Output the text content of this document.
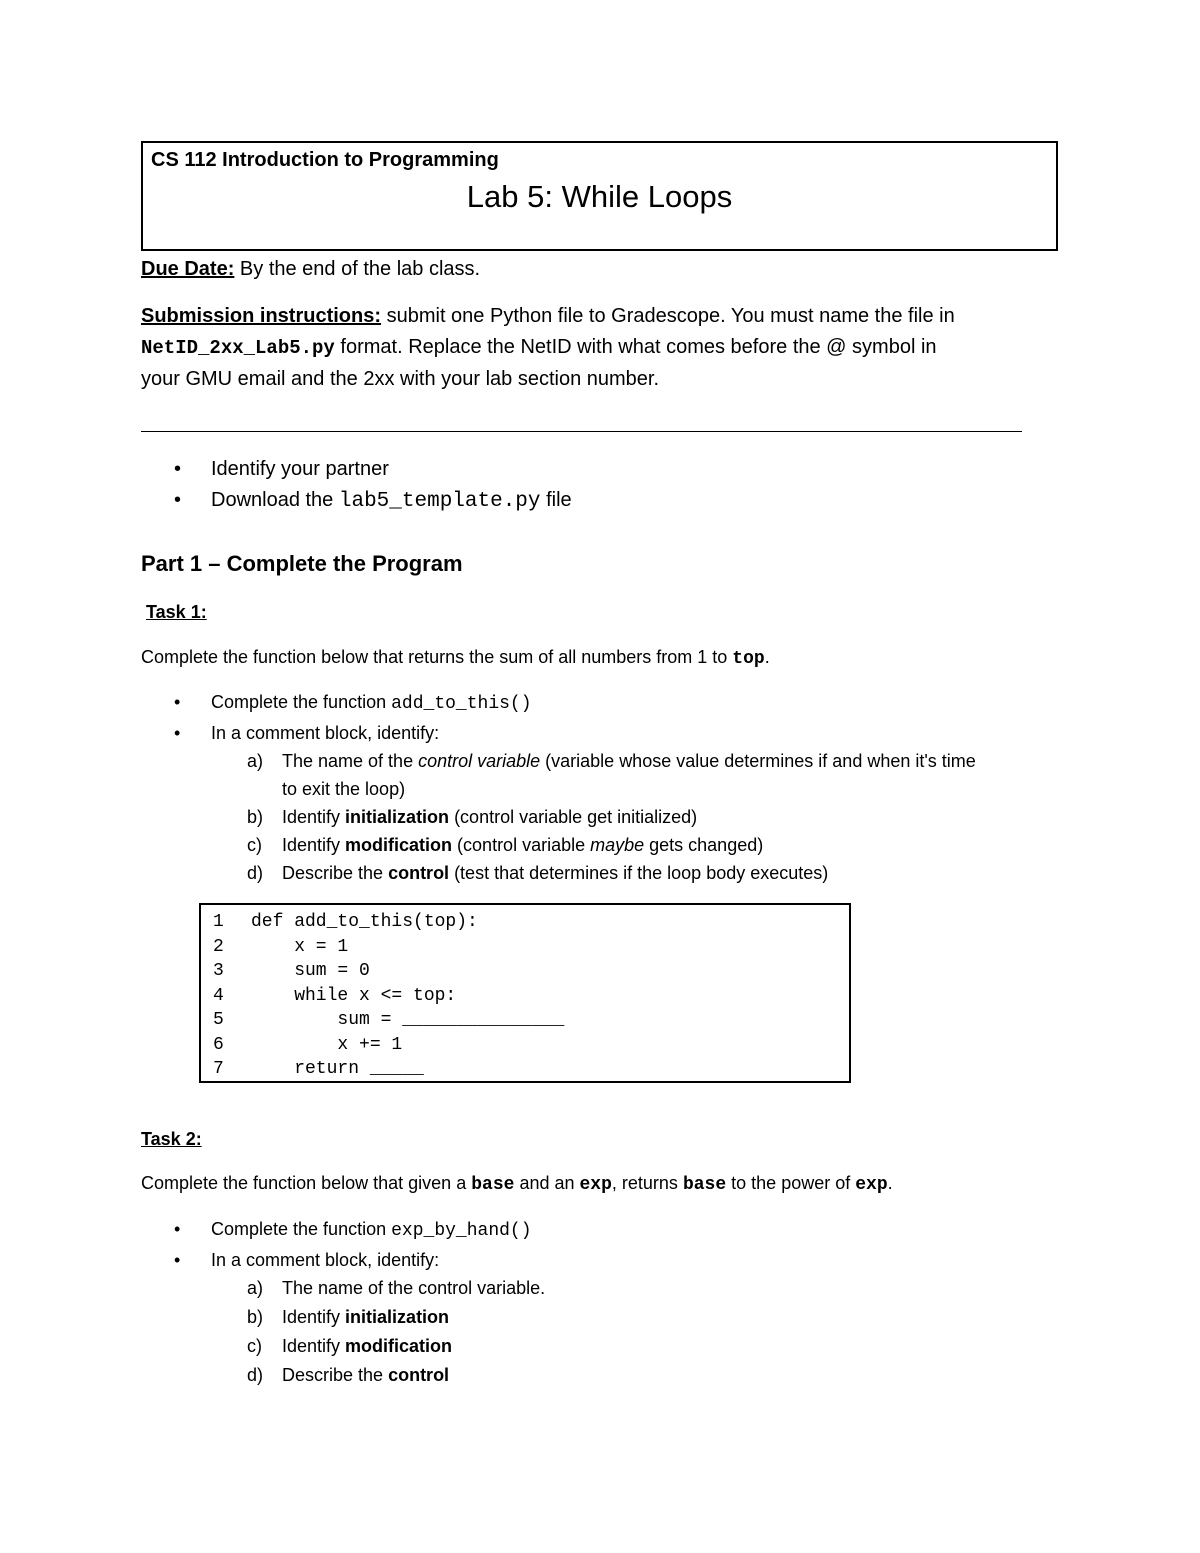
CS 112 Introduction to Programming
Lab 5: While Loops
Due Date: By the end of the lab class.
Submission instructions: submit one Python file to Gradescope. You must name the file in
NetID_2xx_Lab5.py format. Replace the NetID with what comes before the @ symbol in
your GMU email and the 2xx with your lab section number.
• Identify your partner
• Download the lab5_template.py file
Part 1 – Complete the Program
Task 1:
Complete the function below that returns the sum of all numbers from 1 to top.
• Complete the function add_to_this()
• In a comment block, identify:
a) The name of the control variable (variable whose value determines if and when it's time
to exit the loop)
b) Identify initialization (control variable get initialized)
c) Identify modification (control variable maybe gets changed)
d) Describe the control (test that determines if the loop body executes)
1 def add_to_this(top):
2    x = 1
3    sum = 0
4    while x <= top:
5        sum = _______________
6        x += 1
7    return _____
Task 2:
Complete the function below that given a base and an exp, returns base to the power of exp.
• Complete the function exp_by_hand()
• In a comment block, identify:
a) The name of the control variable.
b) Identify initialization
c) Identify modification
d) Describe the control
